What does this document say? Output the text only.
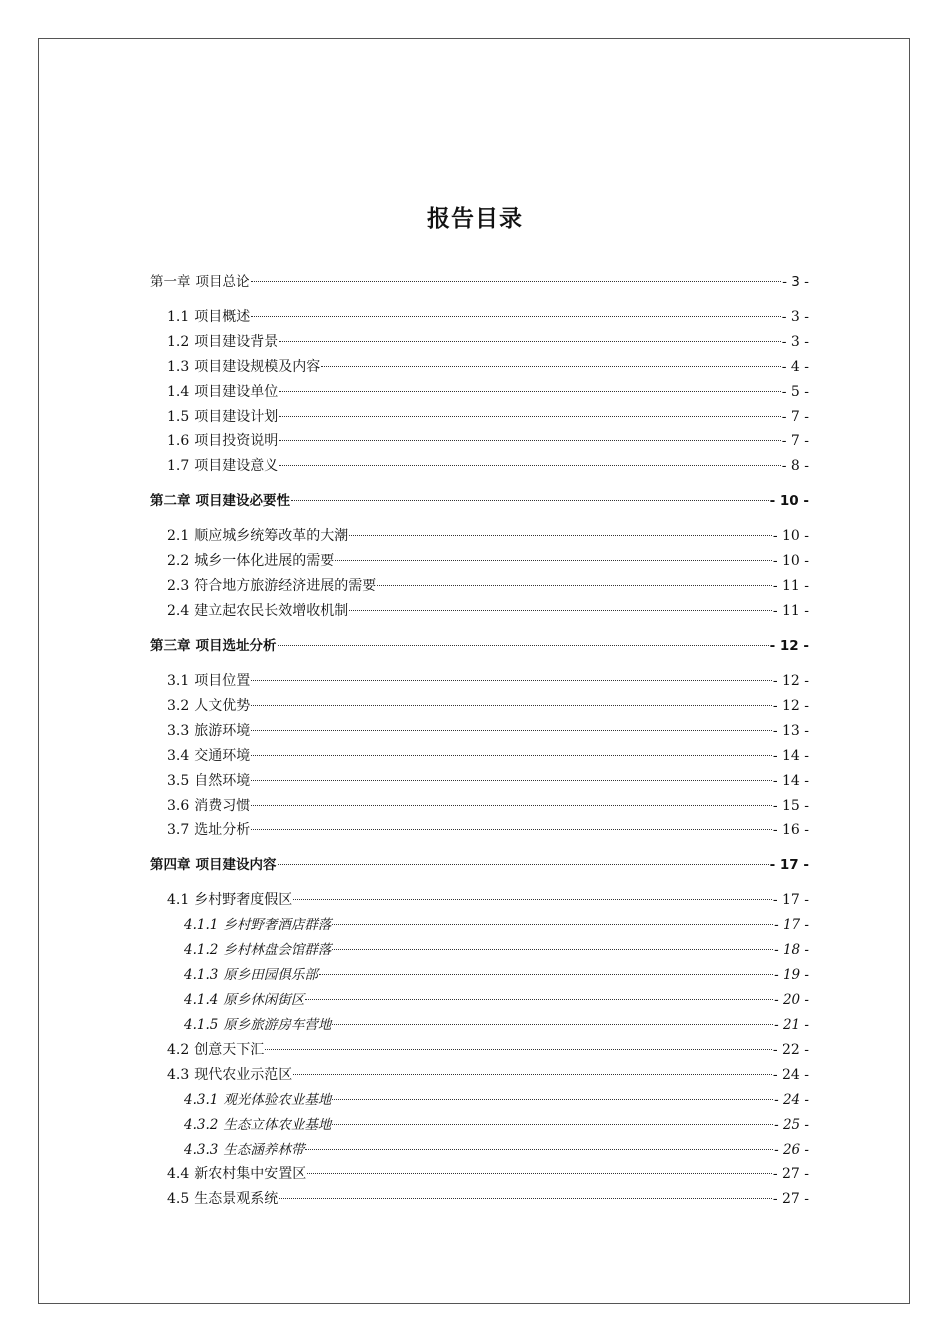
报告目录
第一章 项目总论	- 3 -
1.1 项目概述	- 3 -
1.2 项目建设背景	- 3 -
1.3 项目建设规模及内容	- 4 -
1.4 项目建设单位	- 5 -
1.5 项目建设计划	- 7 -
1.6 项目投资说明	- 7 -
1.7 项目建设意义	- 8 -
第二章 项目建设必要性	- 10 -
2.1 顺应城乡统筹改革的大潮	- 10 -
2.2 城乡一体化进展的需要	- 10 -
2.3 符合地方旅游经济进展的需要	- 11 -
2.4 建立起农民长效增收机制	- 11 -
第三章 项目选址分析	- 12 -
3.1 项目位置	- 12 -
3.2 人文优势	- 12 -
3.3 旅游环境	- 13 -
3.4 交通环境	- 14 -
3.5 自然环境	- 14 -
3.6 消费习惯	- 15 -
3.7 选址分析	- 16 -
第四章 项目建设内容	- 17 -
4.1 乡村野奢度假区	- 17 -
4.1.1 乡村野奢酒店群落	- 17 -
4.1.2 乡村林盘会馆群落	- 18 -
4.1.3 原乡田园俱乐部	- 19 -
4.1.4 原乡休闲街区	- 20 -
4.1.5 原乡旅游房车营地	- 21 -
4.2 创意天下汇	- 22 -
4.3 现代农业示范区	- 24 -
4.3.1 观光体验农业基地	- 24 -
4.3.2 生态立体农业基地	- 25 -
4.3.3 生态涵养林带	- 26 -
4.4 新农村集中安置区	- 27 -
4.5 生态景观系统	- 27 -
